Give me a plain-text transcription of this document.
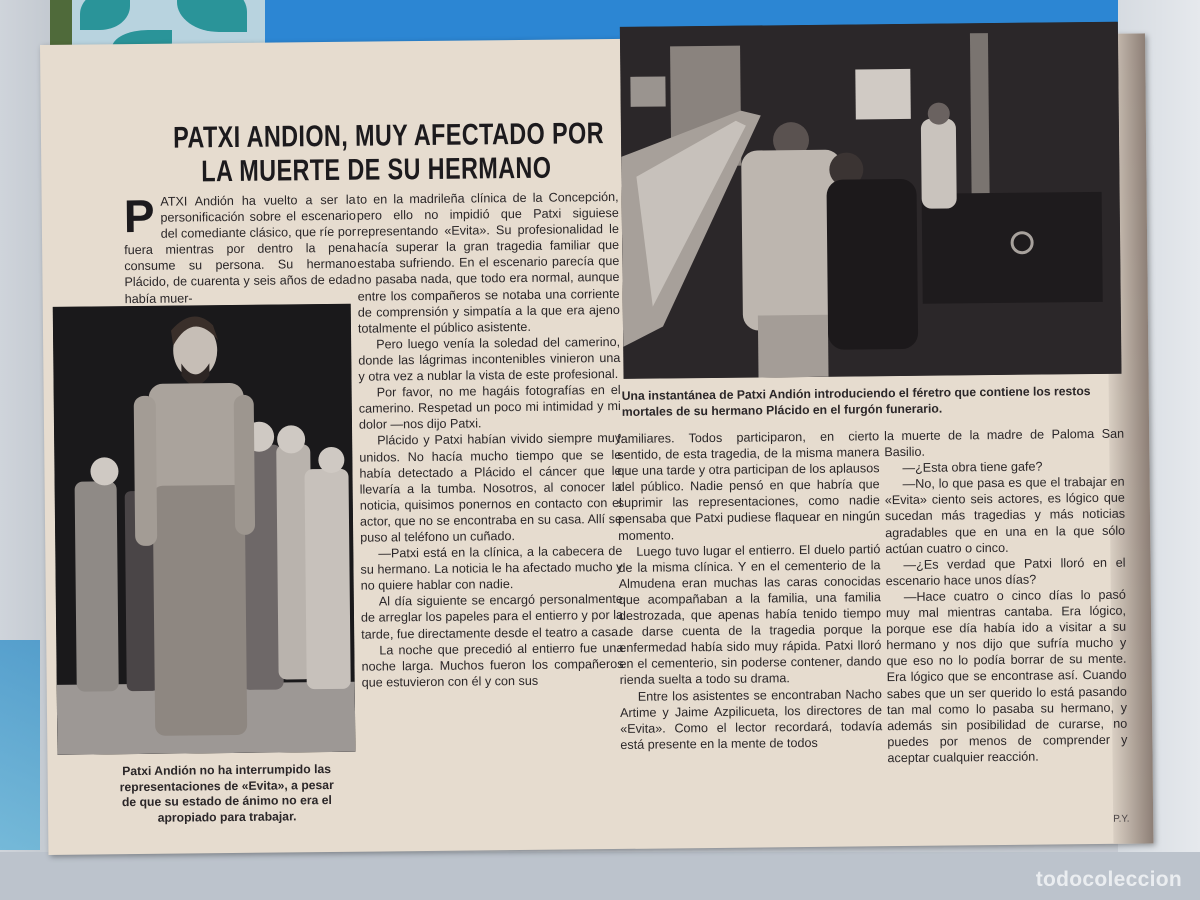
PATXI ANDION, MUY AFECTADO POR
LA MUERTE DE SU HERMANO

PATXI Andión ha vuelto a ser la personificación sobre el escenario del comediante clásico, que ríe por fuera mientras por dentro la pena consume su persona. Su hermano Plácido, de cuarenta y seis años de edad había muer-

Patxi Andión no ha interrumpido las representaciones de «Evita», a pesar de que su estado de ánimo no era el apropiado para trabajar.

to en la madrileña clínica de la Concepción, pero ello no impidió que Patxi siguiese representando «Evita». Su profesionalidad le hacía superar la gran tragedia familiar que estaba sufriendo. En el escenario parecía que no pasaba nada, que todo era normal, aunque entre los compañeros se notaba una corriente de comprensión y simpatía a la que era ajeno totalmente el público asistente.

Pero luego venía la soledad del camerino, donde las lágrimas incontenibles vinieron una y otra vez a nublar la vista de este profesional.

Por favor, no me hagáis fotografías en el camerino. Respetad un poco mi intimidad y mi dolor —nos dijo Patxi.

Plácido y Patxi habían vivido siempre muy unidos. No hacía mucho tiempo que se le había detectado a Plácido el cáncer que le llevaría a la tumba. Nosotros, al conocer la noticia, quisimos ponernos en contacto con el actor, que no se encontraba en su casa. Allí se puso al teléfono un cuñado.

—Patxi está en la clínica, a la cabecera de su hermano. La noticia le ha afectado mucho y no quiere hablar con nadie.

Al día siguiente se encargó personalmente de arreglar los papeles para el entierro y por la tarde, fue directamente desde el teatro a casa.

La noche que precedió al entierro fue una noche larga. Muchos fueron los compañeros que estuvieron con él y con sus

Una instantánea de Patxi Andión introduciendo el féretro que contiene los restos mortales de su hermano Plácido en el furgón funerario.

familiares. Todos participaron, en cierto sentido, de esta tragedia, de la misma manera que una tarde y otra participan de los aplausos del público. Nadie pensó en que habría que suprimir las representaciones, como nadie pensaba que Patxi pudiese flaquear en ningún momento.

Luego tuvo lugar el entierro. El duelo partió de la misma clínica. Y en el cementerio de la Almudena eran muchas las caras conocidas que acompañaban a la familia, una familia destrozada, que apenas había tenido tiempo de darse cuenta de la tragedia porque la enfermedad había sido muy rápida. Patxi lloró en el cementerio, sin poderse contener, dando rienda suelta a todo su drama.

Entre los asistentes se encontraban Nacho Artime y Jaime Azpilicueta, los directores de «Evita». Como el lector recordará, todavía está presente en la mente de todos

la muerte de la madre de Paloma San Basilio.

—¿Esta obra tiene gafe?

—No, lo que pasa es que el trabajar en «Evita» ciento seis actores, es lógico que sucedan más tragedias y más noticias agradables que en una en la que sólo actúan cuatro o cinco.

—¿Es verdad que Patxi lloró en el escenario hace unos días?

—Hace cuatro o cinco días lo pasó muy mal mientras cantaba. Era lógico, porque ese día había ido a visitar a su hermano y nos dijo que sufría mucho y que eso no lo podía borrar de su mente. Era lógico que se encontrase así. Cuando sabes que un ser querido lo está pasando tan mal como lo pasaba su hermano, y además sin posibilidad de curarse, no puedes por menos de comprender y aceptar cualquier reacción.

P.Y.
todocoleccion
